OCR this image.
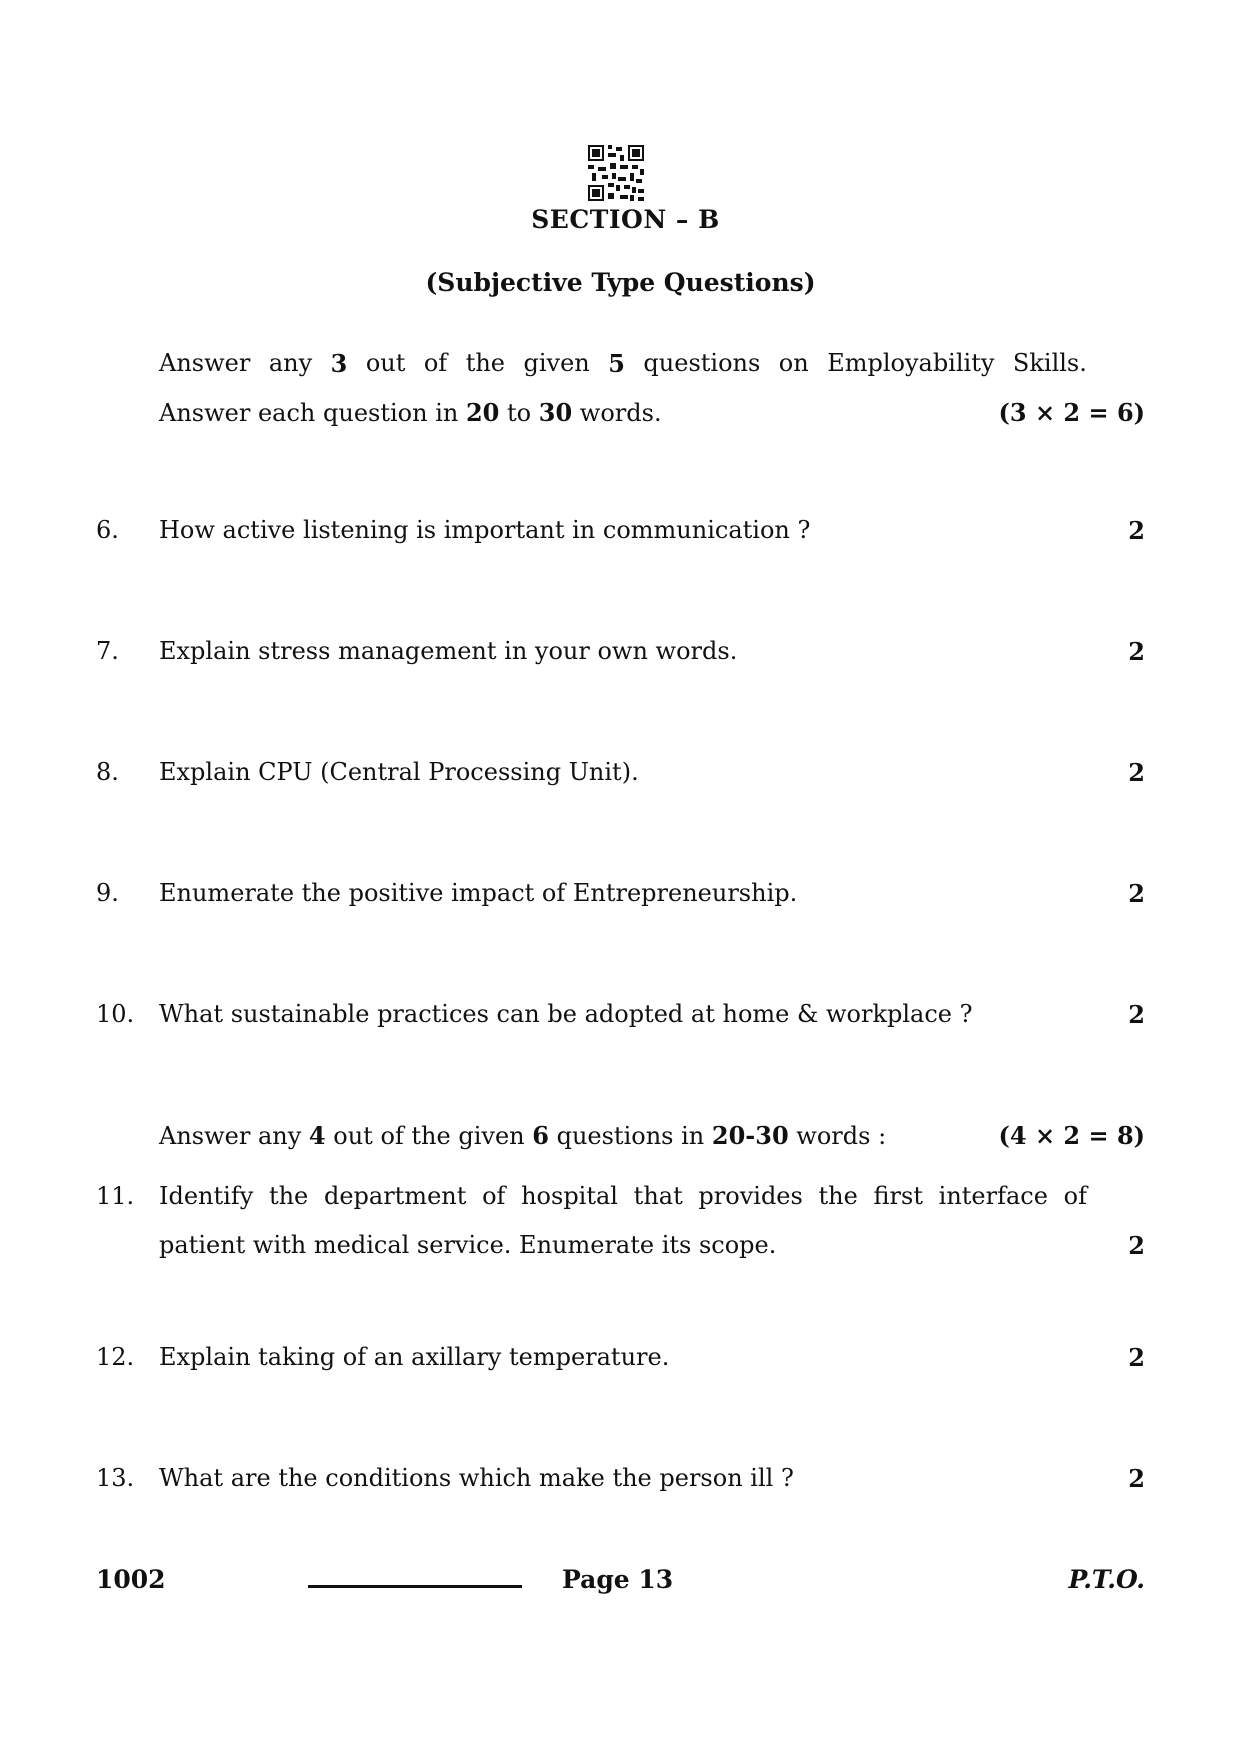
SECTION – B
(Subjective Type Questions)
Answer any 3 out of the given 5 questions on Employability Skills.
Answer each question in 20 to 30 words.	(3 × 2 = 6)
6. How active listening is important in communication ?	2
7. Explain stress management in your own words.	2
8. Explain CPU (Central Processing Unit).	2
9. Enumerate the positive impact of Entrepreneurship.	2
10. What sustainable practices can be adopted at home & workplace ?	2
Answer any 4 out of the given 6 questions in 20-30 words :	(4 × 2 = 8)
11. Identify the department of hospital that provides the first interface of
patient with medical service. Enumerate its scope.	2
12. Explain taking of an axillary temperature.	2
13. What are the conditions which make the person ill ?	2
1002	Page 13	P.T.O.
